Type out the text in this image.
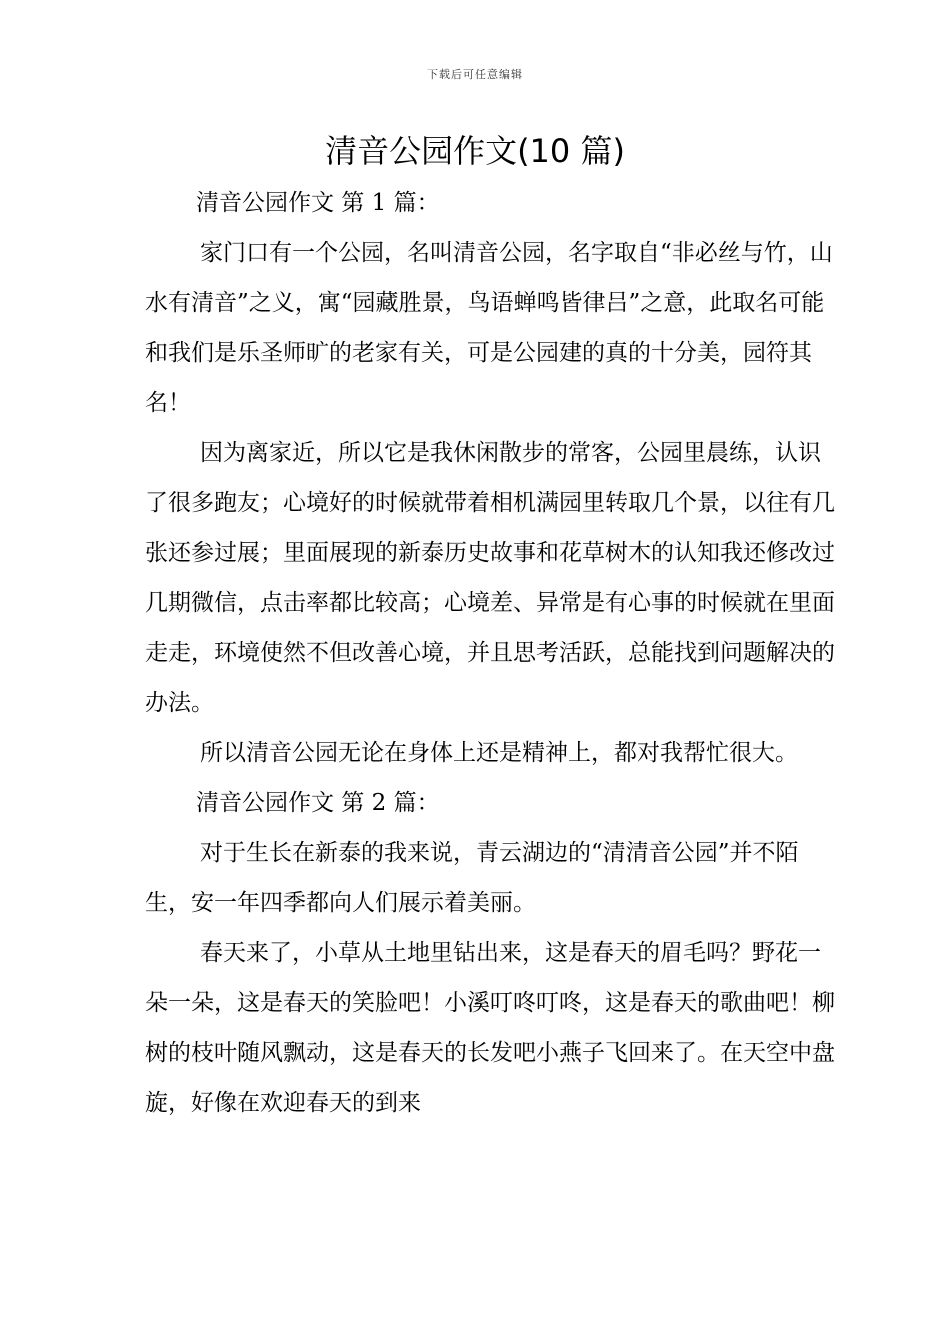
下载后可任意编辑
清音公园作文(10 篇)

清音公园作文 第 1 篇：

家门口有一个公园，名叫清音公园，名字取自“非必丝与竹，山水有清音”之义，寓“园藏胜景，鸟语蝉鸣皆律吕”之意，此取名可能和我们是乐圣师旷的老家有关，可是公园建的真的十分美，园符其名！

因为离家近，所以它是我休闲散步的常客，公园里晨练，认识了很多跑友；心境好的时候就带着相机满园里转取几个景，以往有几张还参过展；里面展现的新泰历史故事和花草树木的认知我还修改过几期微信，点击率都比较高；心境差、异常是有心事的时候就在里面走走，环境使然不但改善心境，并且思考活跃，总能找到问题解决的办法。

所以清音公园无论在身体上还是精神上，都对我帮忙很大。

清音公园作文 第 2 篇：

对于生长在新泰的我来说，青云湖边的“清清音公园”并不陌生，安一年四季都向人们展示着美丽。

春天来了，小草从土地里钻出来，这是春天的眉毛吗？野花一朵一朵，这是春天的笑脸吧！小溪叮咚叮咚，这是春天的歌曲吧！柳树的枝叶随风飘动，这是春天的长发吧小燕子飞回来了。在天空中盘旋，好像在欢迎春天的到来
